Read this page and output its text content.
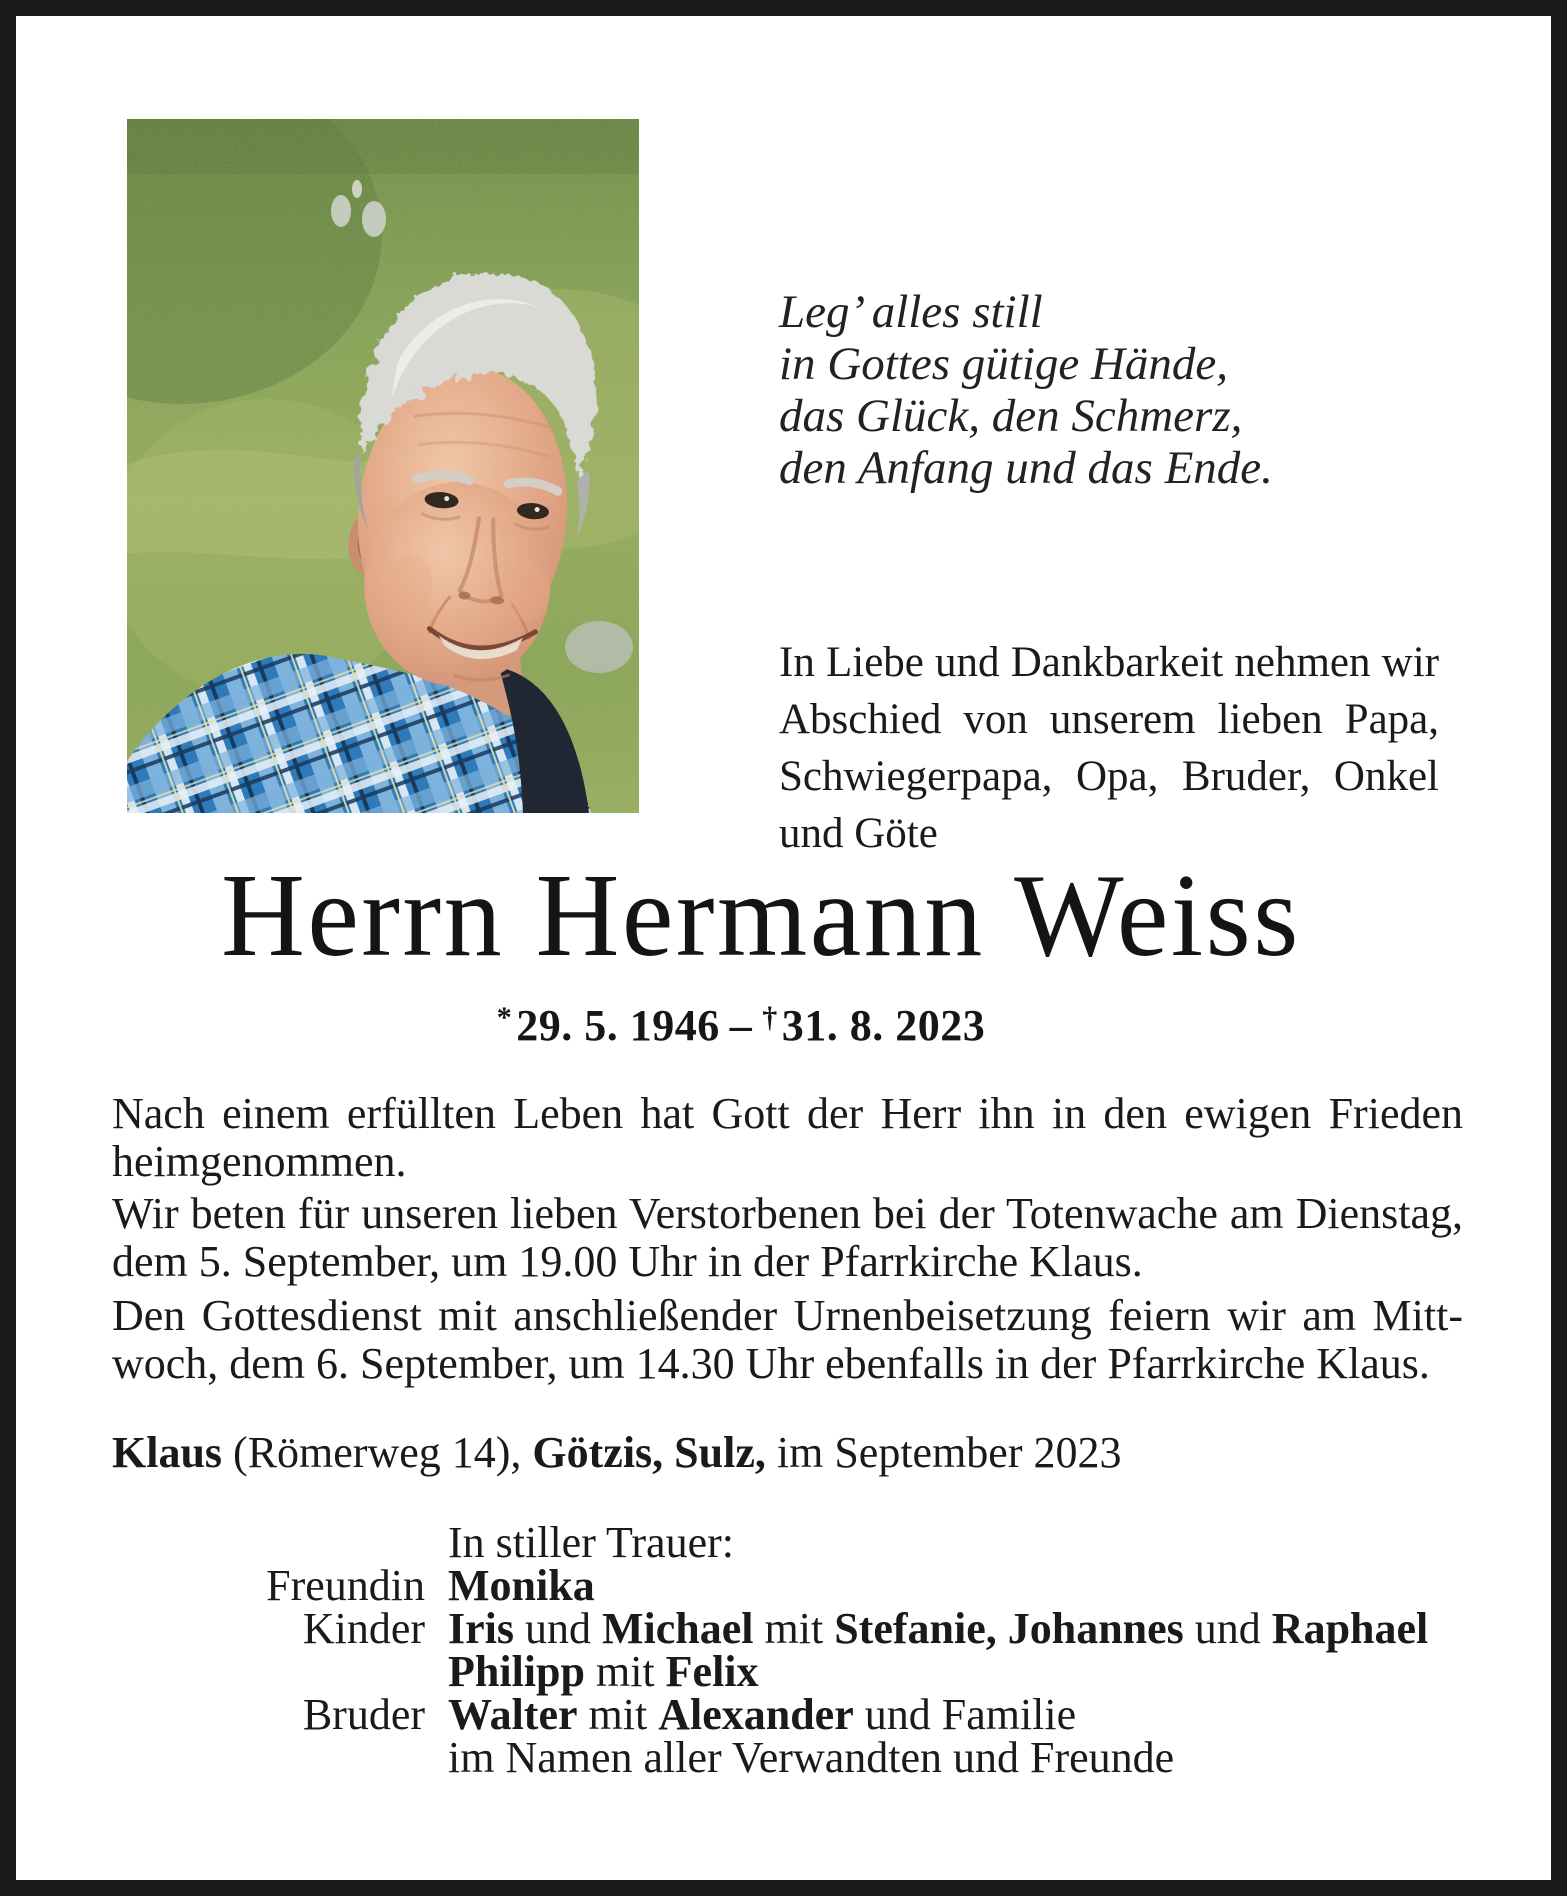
Leg’ alles still
in Gottes gütige Hände,
das Glück, den Schmerz,
den Anfang und das Ende.
In Liebe und Dankbarkeit nehmen wir
Abschied von unserem lieben Papa,
Schwiegerpapa, Opa, Bruder, Onkel
und Göte
Herrn Hermann Weiss
*29. 5. 1946 – †31. 8. 2023
Nach einem erfüllten Leben hat Gott der Herr ihn in den ewigen Frieden
heimgenommen.
Wir beten für unseren lieben Verstorbenen bei der Totenwache am Dienstag,
dem 5. September, um 19.00 Uhr in der Pfarrkirche Klaus.
Den Gottesdienst mit anschließender Urnenbeisetzung feiern wir am Mitt-
woch, dem 6. September, um 14.30 Uhr ebenfalls in der Pfarrkirche Klaus.
Klaus (Römerweg 14), Götzis, Sulz, im September 2023
In stiller Trauer:
Freundin Monika
Kinder Iris und Michael mit Stefanie, Johannes und Raphael
Philipp mit Felix
Bruder Walter mit Alexander und Familie
im Namen aller Verwandten und Freunde
